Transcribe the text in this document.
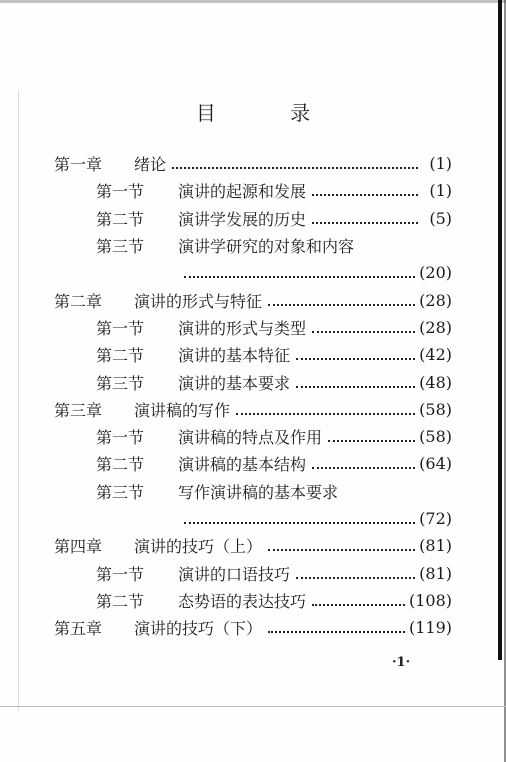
目 录
第一章	绪论	(1)
第一节	演讲的起源和发展	(1)
第二节	演讲学发展的历史	(5)
第三节	演讲学研究的对象和内容
(20)
第二章	演讲的形式与特征	(28)
第一节	演讲的形式与类型	(28)
第二节	演讲的基本特征	(42)
第三节	演讲的基本要求	(48)
第三章	演讲稿的写作	(58)
第一节	演讲稿的特点及作用	(58)
第二节	演讲稿的基本结构	(64)
第三节	写作演讲稿的基本要求
(72)
第四章	演讲的技巧（上）	(81)
第一节	演讲的口语技巧	(81)
第二节	态势语的表达技巧	(108)
第五章	演讲的技巧（下）	(119)
·1·
